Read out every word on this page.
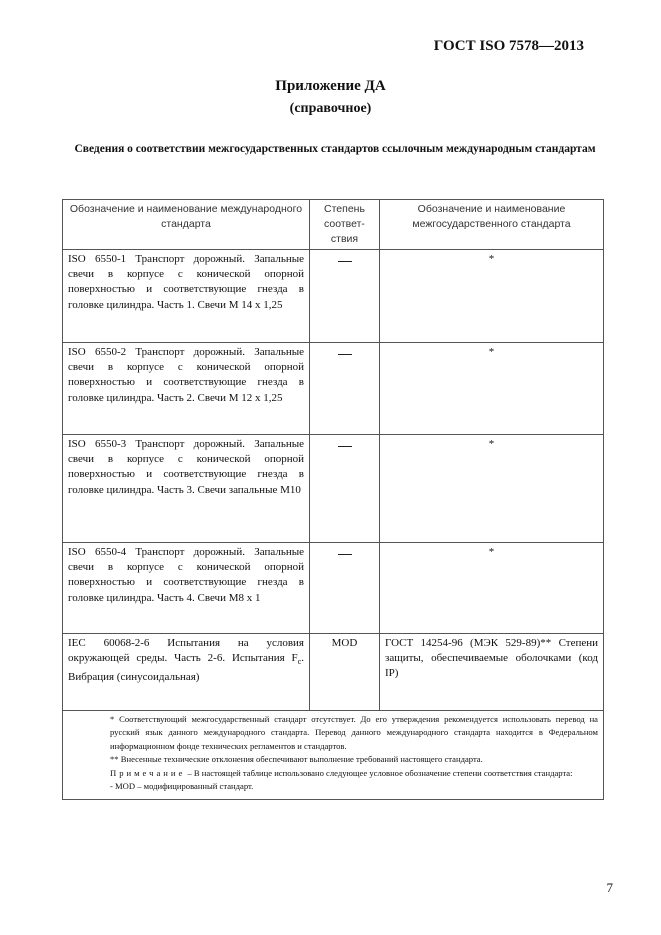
ГОСТ ISO 7578—2013
Приложение ДА
(справочное)
Сведения о соответствии межгосударственных стандартов ссылочным международным стандартам
Обозначение и наименование международного стандарта	Степень соответ-ствия	Обозначение и наименование межгосударственного стандарта
ISO 6550-1 Транспорт дорожный. Запальные свечи в корпусе с конической опорной поверхностью и соответствующие гнезда в головке цилиндра. Часть 1. Свечи М 14 х 1,25		*
ISO 6550-2 Транспорт дорожный. Запальные свечи в корпусе с конической опорной поверхностью и соответствующие гнезда в головке цилиндра. Часть 2. Свечи М 12 х 1,25		*
ISO 6550-3 Транспорт дорожный. Запальные свечи в корпусе с конической опорной поверхностью и соответствующие гнезда в головке цилиндра. Часть 3. Свечи запальные М10		*
ISO 6550-4 Транспорт дорожный. Запальные свечи в корпусе с конической опорной поверхностью и соответствующие гнезда в головке цилиндра. Часть 4. Свечи М8 х 1		*
IEC 60068-2-6 Испытания на условия окружающей среды. Часть 2-6. Испытания $F_c$. Вибрация (синусоидальная)	MOD	ГОСТ 14254-96 (МЭК 529-89)** Степени защиты, обеспечиваемые оболочками (код IP)

* Соответствующий межгосударственный стандарт отсутствует. До его утверждения рекомендуется использовать перевод на русский язык данного международного стандарта. Перевод данного международного стандарта находится в Федеральном информационном фонде технических регламентов и стандартов.
** Внесенные технические отклонения обеспечивают выполнение требований настоящего стандарта.
Примечание – В настоящей таблице использовано следующее условное обозначение степени соответствия стандарта:
- MOD – модифицированный стандарт.		
7
